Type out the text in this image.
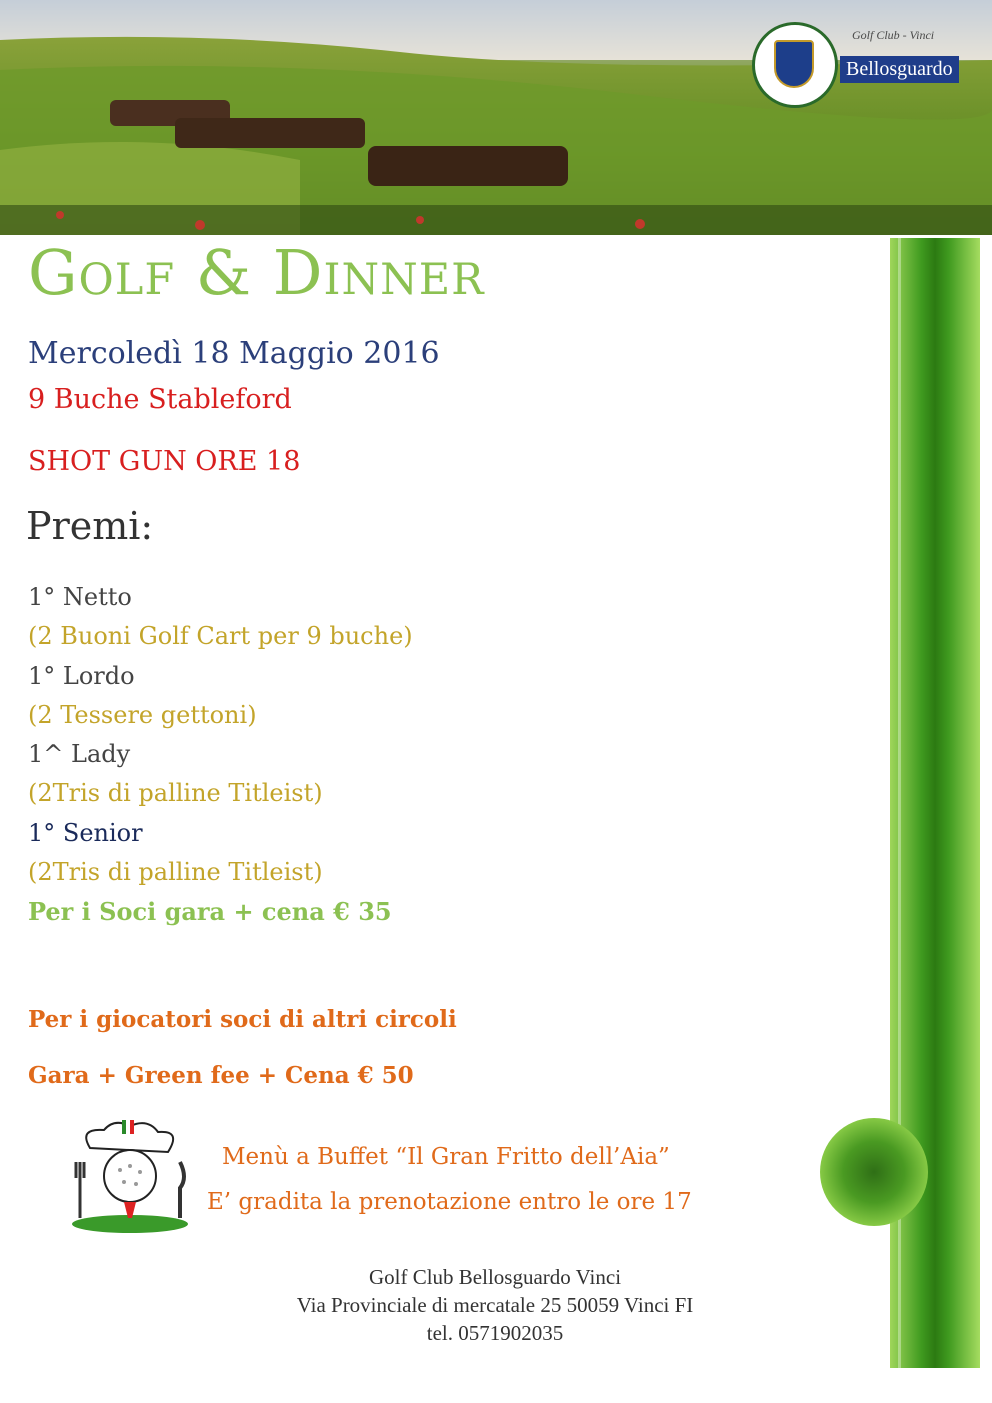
Golf Club - Vinci
Bellosguardo
Golf & Dinner
Mercoledì 18 Maggio 2016
9 Buche Stableford
SHOT GUN ORE 18
Premi:
1° Netto
(2 Buoni Golf Cart per 9 buche)
1° Lordo
(2 Tessere gettoni)
1^ Lady
(2Tris di palline Titleist)
1° Senior
(2Tris di palline Titleist)
Per i Soci gara + cena € 35
Per i giocatori soci di altri circoli
Gara + Green fee + Cena € 50
Menù a Buffet “Il Gran Fritto dell’Aia”
E’ gradita la prenotazione entro le ore 17
Golf Club Bellosguardo Vinci
Via Provinciale di mercatale 25 50059 Vinci FI
tel. 0571902035
